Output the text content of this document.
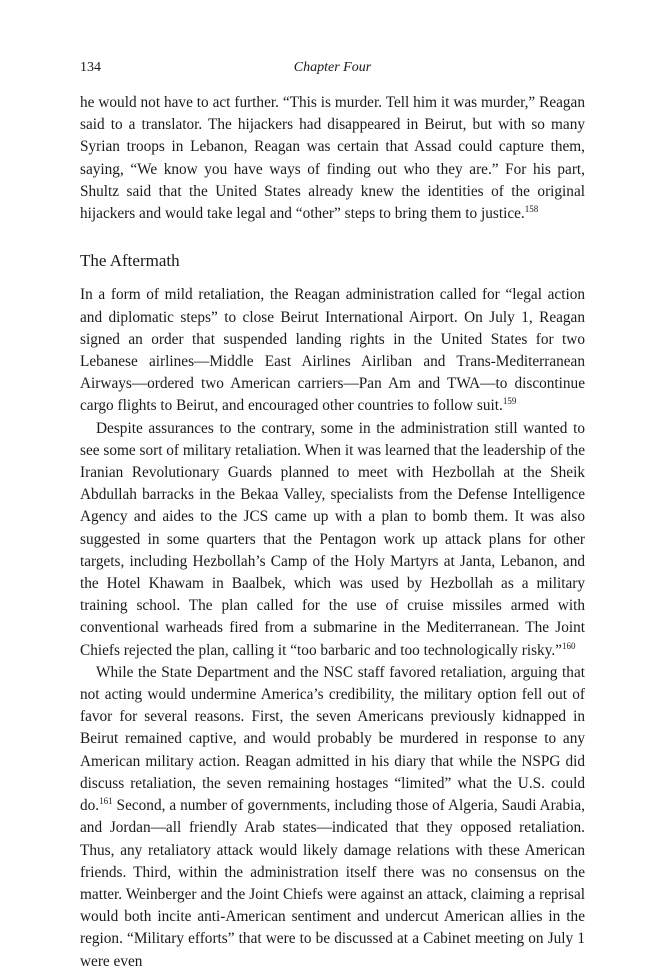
134	Chapter Four

he would not have to act further. “This is murder. Tell him it was murder,” Reagan said to a translator. The hijackers had disappeared in Beirut, but with so many Syrian troops in Lebanon, Reagan was certain that Assad could capture them, saying, “We know you have ways of finding out who they are.” For his part, Shultz said that the United States already knew the identities of the original hijackers and would take legal and “other” steps to bring them to justice.$^{158}$

The Aftermath

In a form of mild retaliation, the Reagan administration called for “legal action and diplomatic steps” to close Beirut International Airport. On July 1, Reagan signed an order that suspended landing rights in the United States for two Lebanese airlines—Middle East Airlines Airliban and Trans-Mediterranean Airways—ordered two American carriers—Pan Am and TWA—to discontinue cargo flights to Beirut, and encouraged other countries to follow suit.$^{159}$

Despite assurances to the contrary, some in the administration still wanted to see some sort of military retaliation. When it was learned that the leadership of the Iranian Revolutionary Guards planned to meet with Hezbollah at the Sheik Abdullah barracks in the Bekaa Valley, specialists from the Defense Intelligence Agency and aides to the JCS came up with a plan to bomb them. It was also suggested in some quarters that the Pentagon work up attack plans for other targets, including Hezbollah’s Camp of the Holy Martyrs at Janta, Lebanon, and the Hotel Khawam in Baalbek, which was used by Hezbollah as a military training school. The plan called for the use of cruise missiles armed with conventional warheads fired from a submarine in the Mediterranean. The Joint Chiefs rejected the plan, calling it “too barbaric and too technologically risky.”$^{160}$

While the State Department and the NSC staff favored retaliation, arguing that not acting would undermine America’s credibility, the military option fell out of favor for several reasons. First, the seven Americans previously kidnapped in Beirut remained captive, and would probably be murdered in response to any American military action. Reagan admitted in his diary that while the NSPG did discuss retaliation, the seven remaining hostages “limited” what the U.S. could do.$^{161}$ Second, a number of governments, including those of Algeria, Saudi Arabia, and Jordan—all friendly Arab states—indicated that they opposed retaliation. Thus, any retaliatory attack would likely damage relations with these American friends. Third, within the administration itself there was no consensus on the matter. Weinberger and the Joint Chiefs were against an attack, claiming a reprisal would both incite anti-American sentiment and undercut American allies in the region. “Military efforts” that were to be discussed at a Cabinet meeting on July 1 were even
